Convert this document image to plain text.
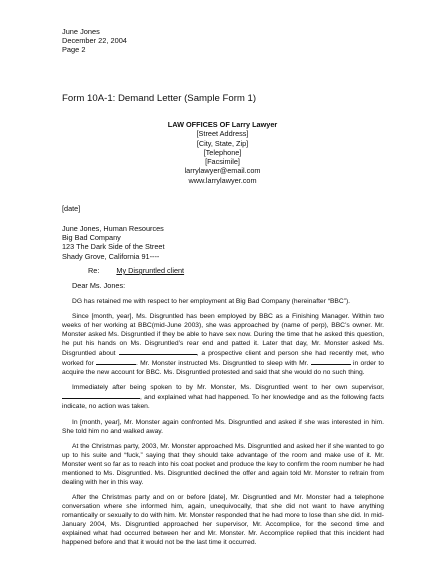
June Jones
December 22, 2004
Page 2
Form 10A-1: Demand Letter (Sample Form 1)
LAW OFFICES OF Larry Lawyer
[Street Address]
[City, State, Zip]
[Telephone]
[Facsimile]
larrylawyer@email.com
www.larrylawyer.com
[date]
June Jones, Human Resources
Big Bad Company
123 The Dark Side of the Street
Shady Grove, California 91----
Re: My Disgruntled client
Dear Ms. Jones:

DG has retained me with respect to her employment at Big Bad Company (hereinafter “BBC”).

Since [month, year], Ms. Disgruntled has been employed by BBC as a Finishing Manager. Within two weeks of her working at BBC(mid-June 2003), she was approached by (name of perp), BBC’s owner. Mr. Monster asked Ms. Disgruntled if they be able to have sex now. During the time that he asked this question, he put his hands on Ms. Disgruntled’s rear end and patted it. Later that day, Mr. Monster asked Ms. Disgruntled about	, a prospective client and person she had recently met, who worked for	. Mr. Monster instructed Ms. Disgruntled to sleep with Mr.	in order to acquire the new account for BBC. Ms. Disgruntled protested and said that she would do no such thing.

Immediately after being spoken to by Mr. Monster, Ms. Disgruntled went to her own supervisor, , and explained what had happened. To her knowledge and as the following facts indicate, no action was taken.

In [month, year], Mr. Monster again confronted Ms. Disgruntled and asked if she was interested in him. She told him no and walked away.

At the Christmas party, 2003, Mr. Monster approached Ms. Disgruntled and asked her if she wanted to go up to his suite and “fuck,” saying that they should take advantage of the room and make use of it. Mr. Monster went so far as to reach into his coat pocket and produce the key to confirm the room number he had mentioned to Ms. Disgruntled. Ms. Disgruntled declined the offer and again told Mr. Monster to refrain from dealing with her in this way.

After the Christmas party and on or before [date], Mr. Disgruntled and Mr. Monster had a telephone conversation where she informed him, again, unequivocally, that she did not want to have anything romantically or sexually to do with him. Mr. Monster responded that he had more to lose than she did. In mid-January 2004, Ms. Disgruntled approached her supervisor, Mr. Accomplice, for the second time and explained what had occurred between her and Mr. Monster. Mr. Accomplice replied that this incident had happened before and that it would not be the last time it occurred.
